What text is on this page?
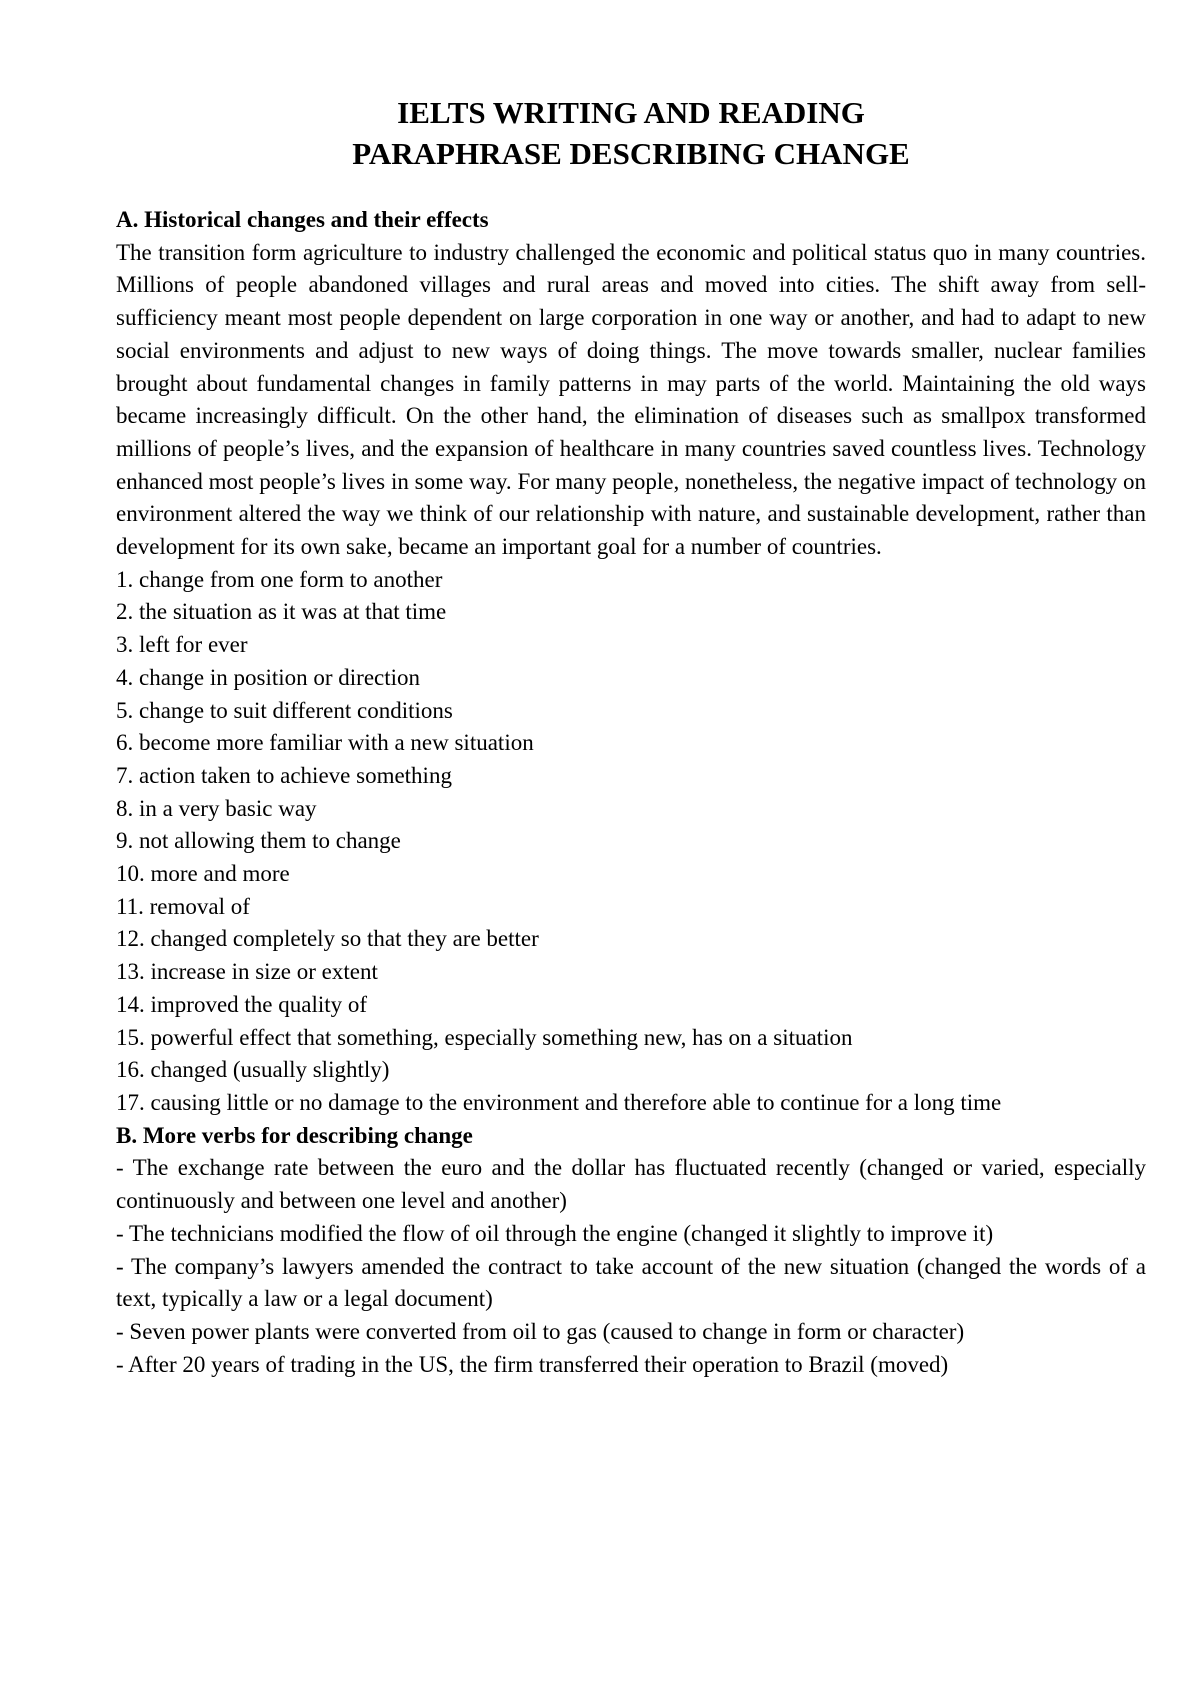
IELTS WRITING AND READING
PARAPHRASE DESCRIBING CHANGE
A. Historical changes and their effects

The transition form agriculture to industry challenged the economic and political status quo in many countries. Millions of people abandoned villages and rural areas and moved into cities. The shift away from sell-sufficiency meant most people dependent on large corporation in one way or another, and had to adapt to new social environments and adjust to new ways of doing things. The move towards smaller, nuclear families brought about fundamental changes in family patterns in may parts of the world. Maintaining the old ways became increasingly difficult. On the other hand, the elimination of diseases such as smallpox transformed millions of people’s lives, and the expansion of healthcare in many countries saved countless lives. Technology enhanced most people’s lives in some way. For many people, nonetheless, the negative impact of technology on environment altered the way we think of our relationship with nature, and sustainable development, rather than development for its own sake, became an important goal for a number of countries.

1. change from one form to another
2. the situation as it was at that time
3. left for ever
4. change in position or direction
5. change to suit different conditions
6. become more familiar with a new situation
7. action taken to achieve something
8. in a very basic way
9. not allowing them to change
10. more and more
11. removal of
12. changed completely so that they are better
13. increase in size or extent
14. improved the quality of
15. powerful effect that something, especially something new, has on a situation
16. changed (usually slightly)
17. causing little or no damage to the environment and therefore able to continue for a long time
B. More verbs for describing change
- The exchange rate between the euro and the dollar has fluctuated recently (changed or varied, especially continuously and between one level and another)
- The technicians modified the flow of oil through the engine (changed it slightly to improve it)
- The company’s lawyers amended the contract to take account of the new situation (changed the words of a text, typically a law or a legal document)
- Seven power plants were converted from oil to gas (caused to change in form or character)
- After 20 years of trading in the US, the firm transferred their operation to Brazil (moved)
